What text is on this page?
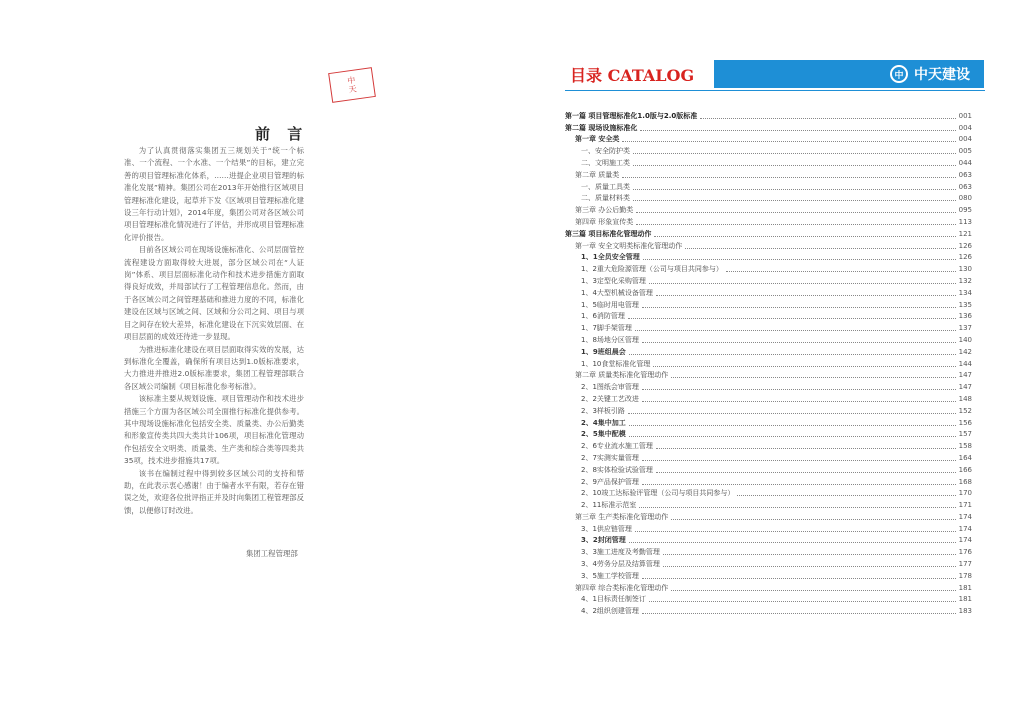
中
天
前 言

为了认真贯彻落实集团五三规划关于“统一个标准、一个流程、一个水准、一个结果”的目标，建立完善的项目管理标准化体系，……进提企业项目管理的标准化发展”精神。集团公司在2013年开始推行区域项目管理标准化建设，起草并下发《区域项目管理标准化建设三年行动计划》，2014年度，集团公司对各区域公司项目管理标准化情况进行了评估，并形成项目管理标准化评价报告。

目前各区域公司在现场设施标准化、公司层面管控流程建设方面取得较大进展，部分区域公司在“人证岗”体系、项目层面标准化动作和技术进步措施方面取得良好成效，并局部试行了工程管理信息化。然而，由于各区域公司之间管理基础和推进力度的不同，标准化建设在区域与区域之间、区域和分公司之间、项目与项目之间存在较大差异，标准化建设在下沉实效层面、在项目层面的成效还待进一步显现。

为推进标准化建设在项目层面取得实效的发展，达到标准化全覆盖，确保所有项目达到1.0版标准要求，大力推进并推进2.0版标准要求，集团工程管理部联合各区域公司编制《项目标准化参考标准》。

该标准主要从规划设施、项目管理动作和技术进步措施三个方面为各区域公司全面推行标准化提供参考。其中现场设施标准化包括安全类、质量类、办公后勤类和形象宣传类共四大类共计106项，项目标准化管理动作包括安全文明类、质量类、生产类和综合类等四类共35项，技术进步措施共17项。

该书在编制过程中得到较多区域公司的支持和帮助，在此表示衷心感谢！由于编者水平有限，若存在错误之处，欢迎各位批评指正并及时向集团工程管理部反馈，以便修订时改进。

集团工程管理部
目录 CATALOG	中 中天建设
第一篇 项目管理标准化1.0版与2.0版标准	001
第二篇 现场设施标准化	004
第一章 安全类	004
一、安全防护类	005
二、文明施工类	044
第二章 质量类	063
一、质量工具类	063
二、质量材料类	080
第三章 办公后勤类	095
第四章 形象宣传类	113
第三篇 项目标准化管理动作	121
第一章 安全文明类标准化管理动作	126
1、1全员安全管理	126
1、2重大危险源管理（公司与项目共同参与）	130
1、3定型化采购管理	132
1、4大型机械设备管理	134
1、5临时用电管理	135
1、6消防管理	136
1、7脚手架管理	137
1、8场地分区管理	140
1、9班组晨会	142
1、10食堂标准化管理	144
第二章 质量类标准化管理动作	147
2、1图纸会审管理	147
2、2关键工艺改进	148
2、3样板引路	152
2、4集中加工	156
2、5集中配模	157
2、6专业流水施工管理	158
2、7实测实量管理	164
2、8实体检验试验管理	166
2、9产品保护管理	168
2、10竣工达标验评管理（公司与项目共同参与）	170
2、11标准示范室	171
第三章 生产类标准化管理动作	174
3、1供应链管理	174
3、2封闭管理	174
3、3施工进度及考勤管理	176
3、4劳务分层及结算管理	177
3、5施工学校管理	178
第四章 综合类标准化管理动作	181
4、1目标责任制签订	181
4、2组织创建管理	183
